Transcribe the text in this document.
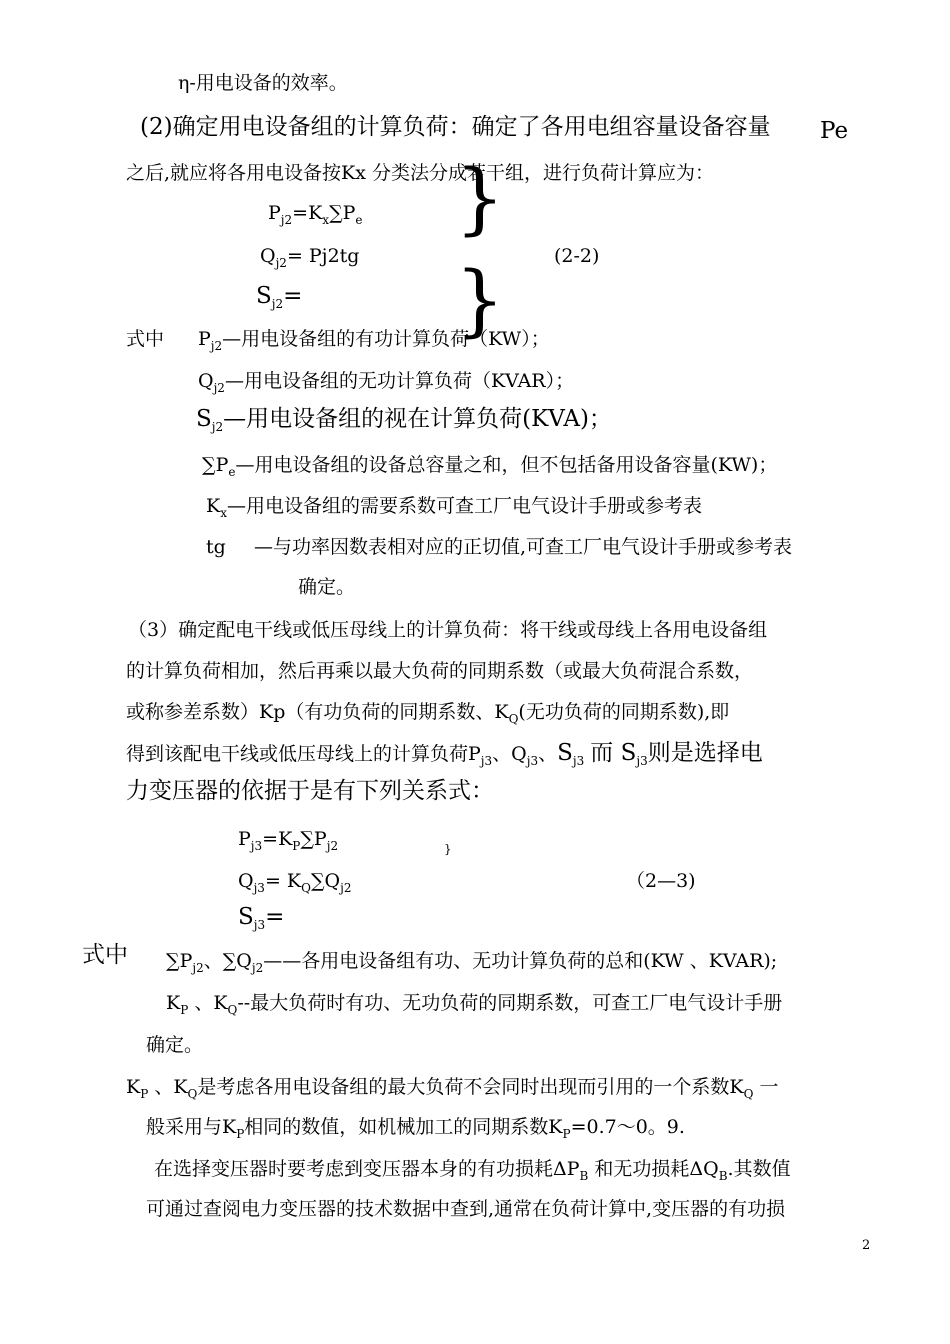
η-用电设备的效率。
(2)确定用电设备组的计算负荷：确定了各用电组容量设备容量 Pe
之后,就应将各用电设备按Kx 分类法分成若干组，进行负荷计算应为：
$P_{j2}=K_x\sum P_e$
$Q_{j2}= Pj2tg$
$S_{j2}=$
}
}	(2-2)
式中 $P_{j2}—$用电设备组的有功计算负荷（KW）；
$Q_{j2}—$用电设备组的无功计算负荷（KVAR）；
$S_{j2}—$用电设备组的视在计算负荷(KVA)；
$\sum P_e—$用电设备组的设备总容量之和，但不包括备用设备容量(KW)；
$K_x—$用电设备组的需要系数可查工厂电气设计手册或参考表
tg —与功率因数表相对应的正切值,可查工厂电气设计手册或参考表
确定。
（3）确定配电干线或低压母线上的计算负荷：将干线或母线上各用电设备组
的计算负荷相加，然后再乘以最大负荷的同期系数（或最大负荷混合系数，
或称参差系数）Kp（有功负荷的同期系数、$K_Q$(无功负荷的同期系数),即
得到该配电干线或低压母线上的计算负荷$P_{j3}$、$Q_{j3}$、$S_{j3}$ 而 $S_{j3}$则是选择电
力变压器的依据于是有下列关系式：
$P_{j3}=K_P\sum P_{j2}$	}
$Q_{j3}= K_Q\sum Q_{j2}$	（2—3)
$S_{j3}=$
式中 $\sum P_{j2}$、$\sum Q_{j2}——$各用电设备组有功、无功计算负荷的总和(KW 、KVAR);
$K_P$ 、$K_Q--$最大负荷时有功、无功负荷的同期系数，可查工厂电气设计手册
确定。
$K_P$ 、$K_Q$是考虑各用电设备组的最大负荷不会同时出现而引用的一个系数$K_Q$ 一
般采用与$K_P$相同的数值，如机械加工的同期系数$K_P=0.7\sim 0$。9.
在选择变压器时要考虑到变压器本身的有功损耗$\Delta P_B$ 和无功损耗$\Delta Q_B$.其数值
可通过查阅电力变压器的技术数据中查到,通常在负荷计算中,变压器的有功损
2
